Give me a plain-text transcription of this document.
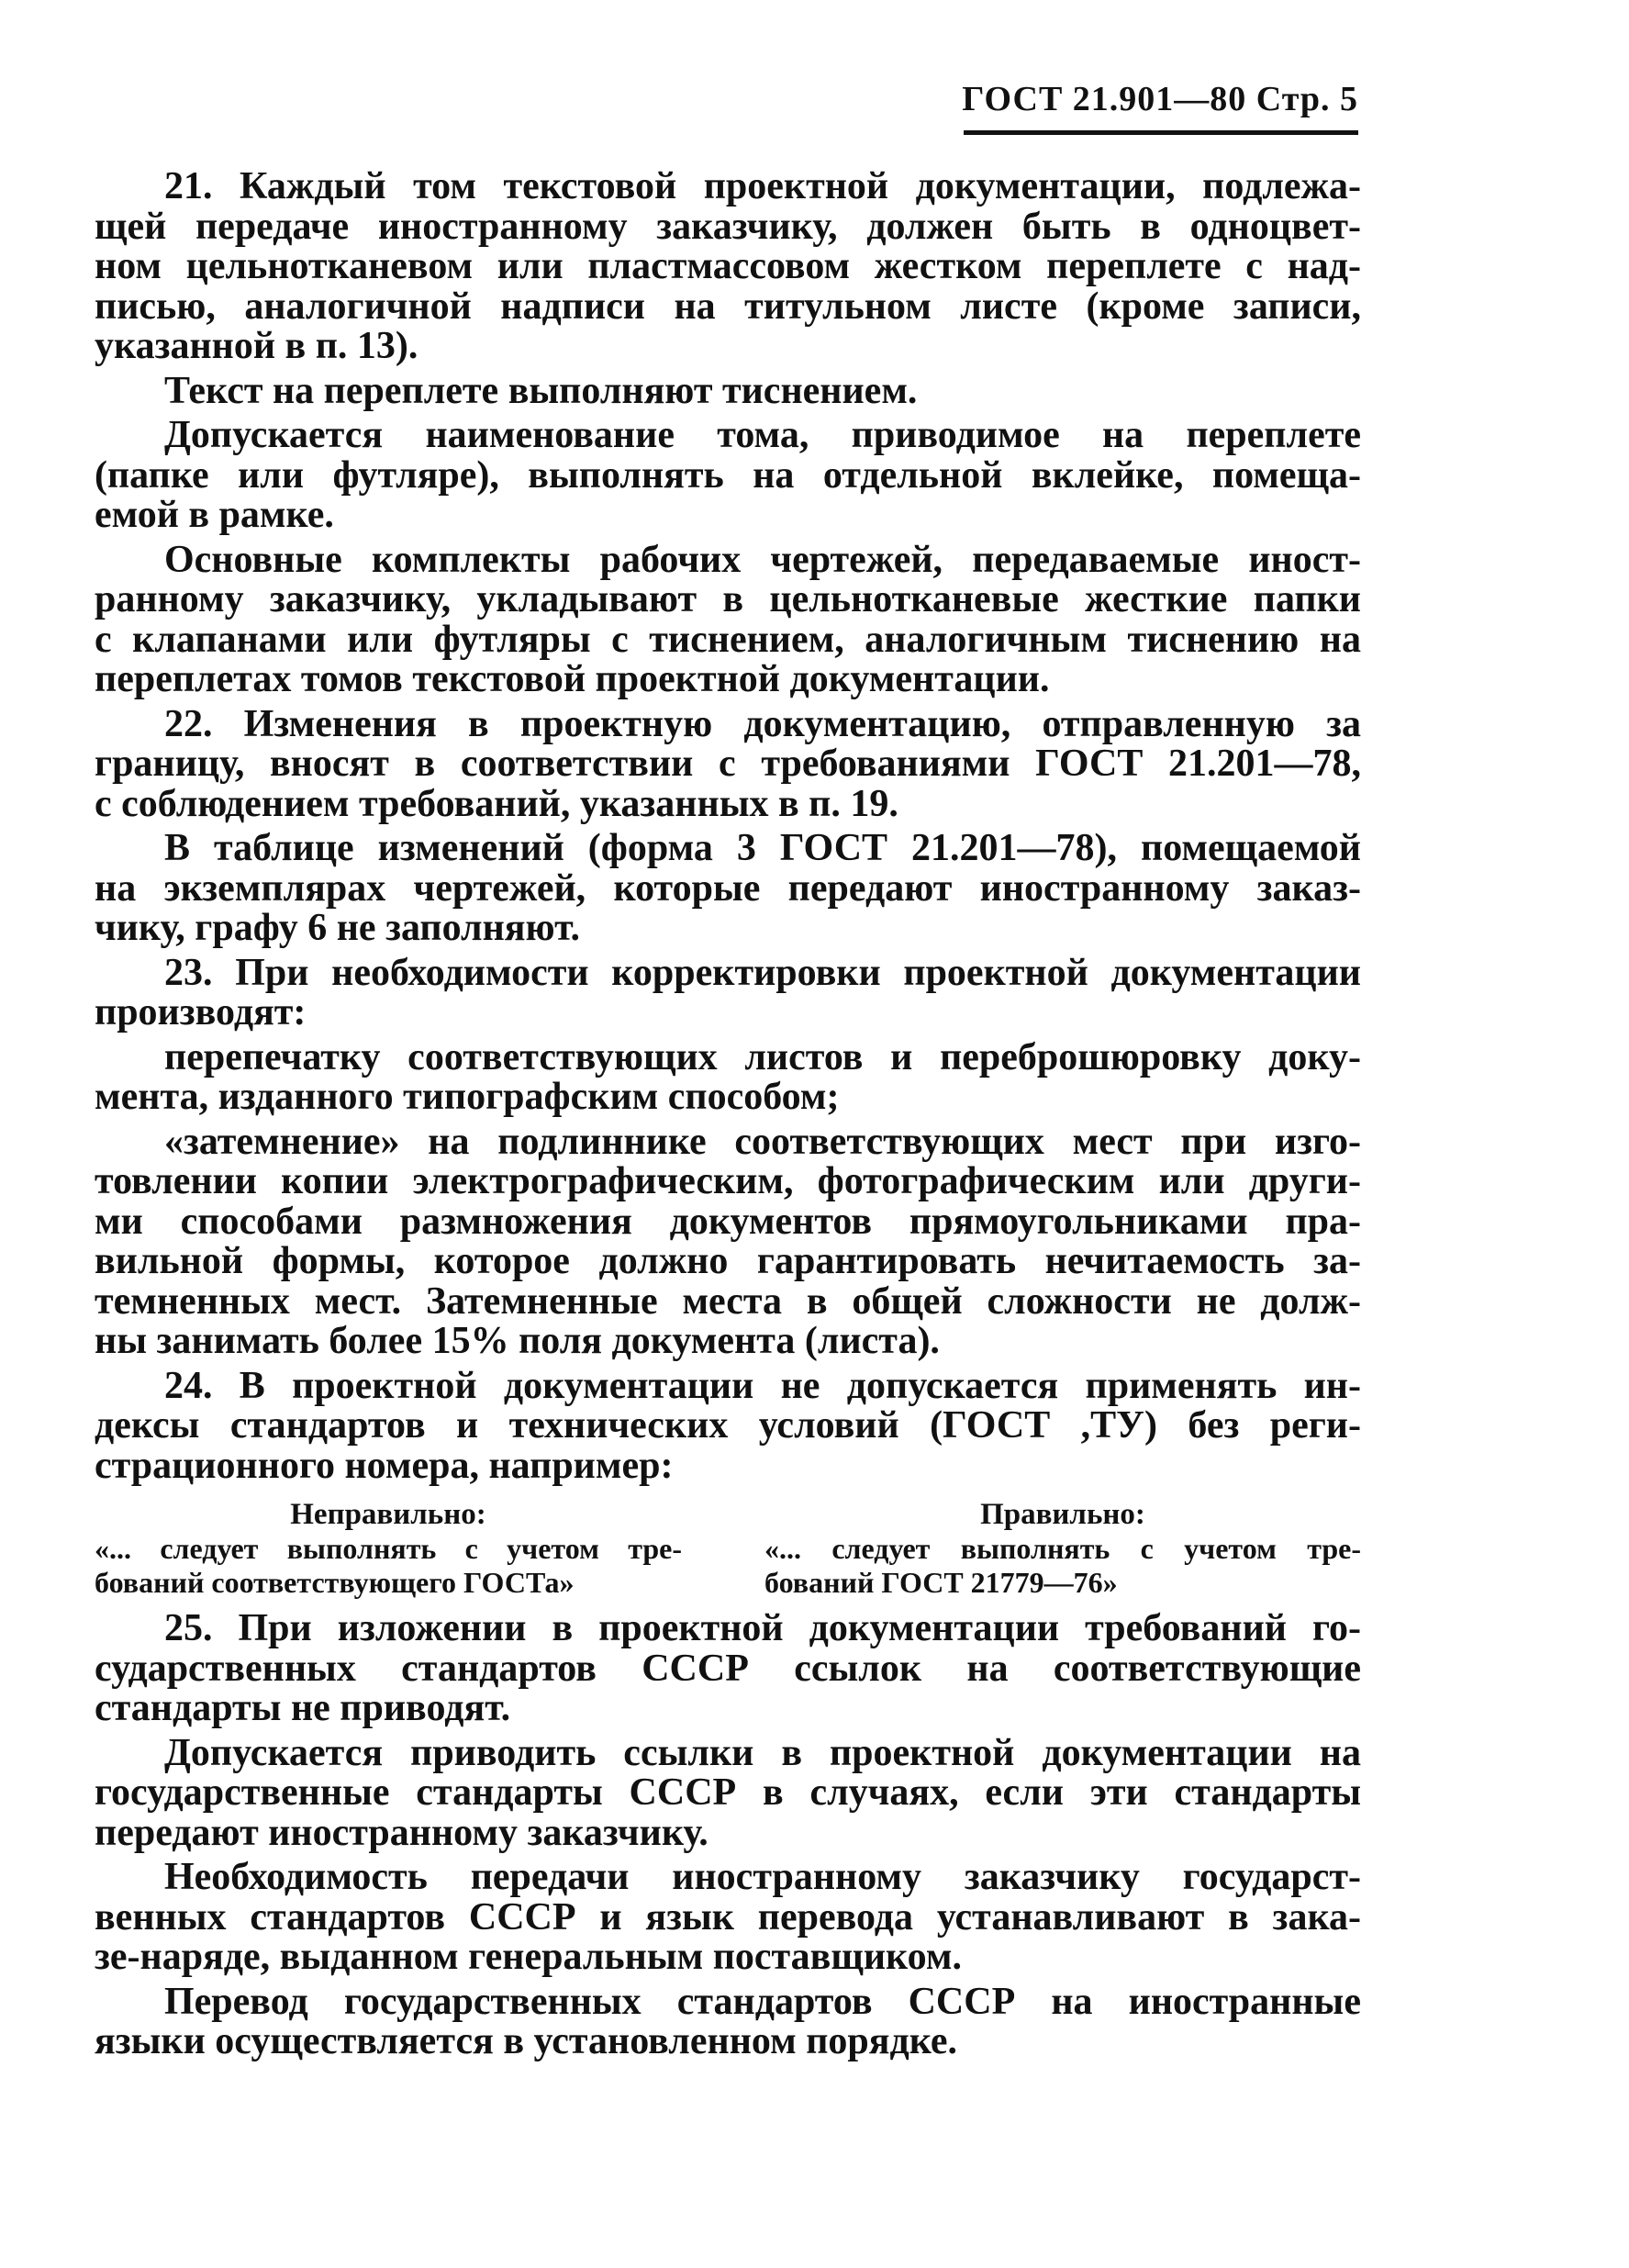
ГОСТ 21.901—80 Стр. 5
21. Каждый том текстовой проектной документации, подлежа-
щей передаче иностранному заказчику, должен быть в одноцвет-
ном цельнотканевом или пластмассовом жестком переплете с над-
писью, аналогичной надписи на титульном листе (кроме записи,
указанной в п. 13).
Текст на переплете выполняют тиснением.
Допускается наименование тома, приводимое на переплете
(папке или футляре), выполнять на отдельной вклейке, помеща-
емой в рамке.
Основные комплекты рабочих чертежей, передаваемые иност-
ранному заказчику, укладывают в цельнотканевые жесткие папки
с клапанами или футляры с тиснением, аналогичным тиснению на
переплетах томов текстовой проектной документации.
22. Изменения в проектную документацию, отправленную за
границу, вносят в соответствии с требованиями ГОСТ 21.201—78,
с соблюдением требований, указанных в п. 19.
В таблице изменений (форма 3 ГОСТ 21.201—78), помещаемой
на экземплярах чертежей, которые передают иностранному заказ-
чику, графу 6 не заполняют.
23. При необходимости корректировки проектной документации
производят:
перепечатку соответствующих листов и переброшюровку доку-
мента, изданного типографским способом;
«затемнение» на подлиннике соответствующих мест при изго-
товлении копии электрографическим, фотографическим или други-
ми способами размножения документов прямоугольниками пра-
вильной формы, которое должно гарантировать нечитаемость за-
темненных мест. Затемненные места в общей сложности не долж-
ны занимать более 15% поля документа (листа).
24. В проектной документации не допускается применять ин-
дексы стандартов и технических условий (ГОСТ ,ТУ) без реги-
страционного номера, например:
Неправильно:
«... следует выполнять с учетом тре-
бований соответствующего ГОСТа»
Правильно:
«... следует выполнять с учетом тре-
бований ГОСТ 21779—76»
25. При изложении в проектной документации требований го-
сударственных стандартов СССР ссылок на соответствующие
стандарты не приводят.
Допускается приводить ссылки в проектной документации на
государственные стандарты СССР в случаях, если эти стандарты
передают иностранному заказчику.
Необходимость передачи иностранному заказчику государст-
венных стандартов СССР и язык перевода устанавливают в зака-
зе-наряде, выданном генеральным поставщиком.
Перевод государственных стандартов СССР на иностранные
языки осуществляется в установленном порядке.
